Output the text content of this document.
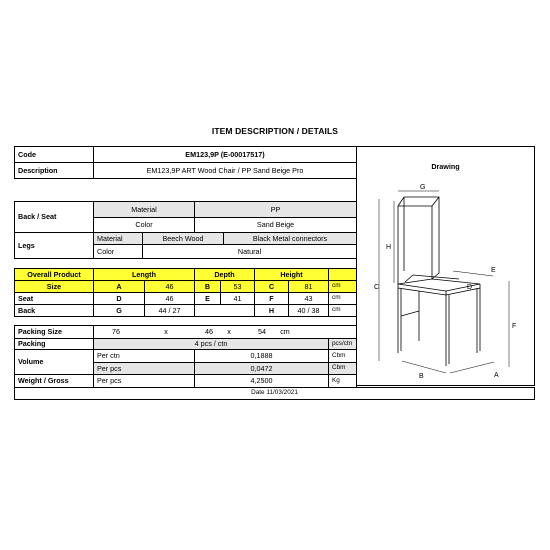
ITEM DESCRIPTION / DETAILS
Code	EM123,9P (E-00017517)
Description	EM123,9P ART Wood Chair / PP Sand Beige Pro	Drawing
Back / Seat
Material	PP
Color	Sand Beige
Legs
Material	Beech Wood	Black Metal connectors
Color	Natural
Overall Product
Size
Length	Depth	Height
A	46	B	53	C	81	cm
Seat	D	46	E	41	F	43	cm
Back	G	44 / 27	H	40 / 38	cm
Packing Size	76	x	46	x	54	cm
Packing	4 pcs / ctn	pcs/ctn
Volume
Per ctn	0,1888	Cbm
Per pcs	0,0472	Cbm
Weight / Gross	Per pcs	4,2500	Kg
Date 11/03/2021
G
H
C
E
D
F
B	A
